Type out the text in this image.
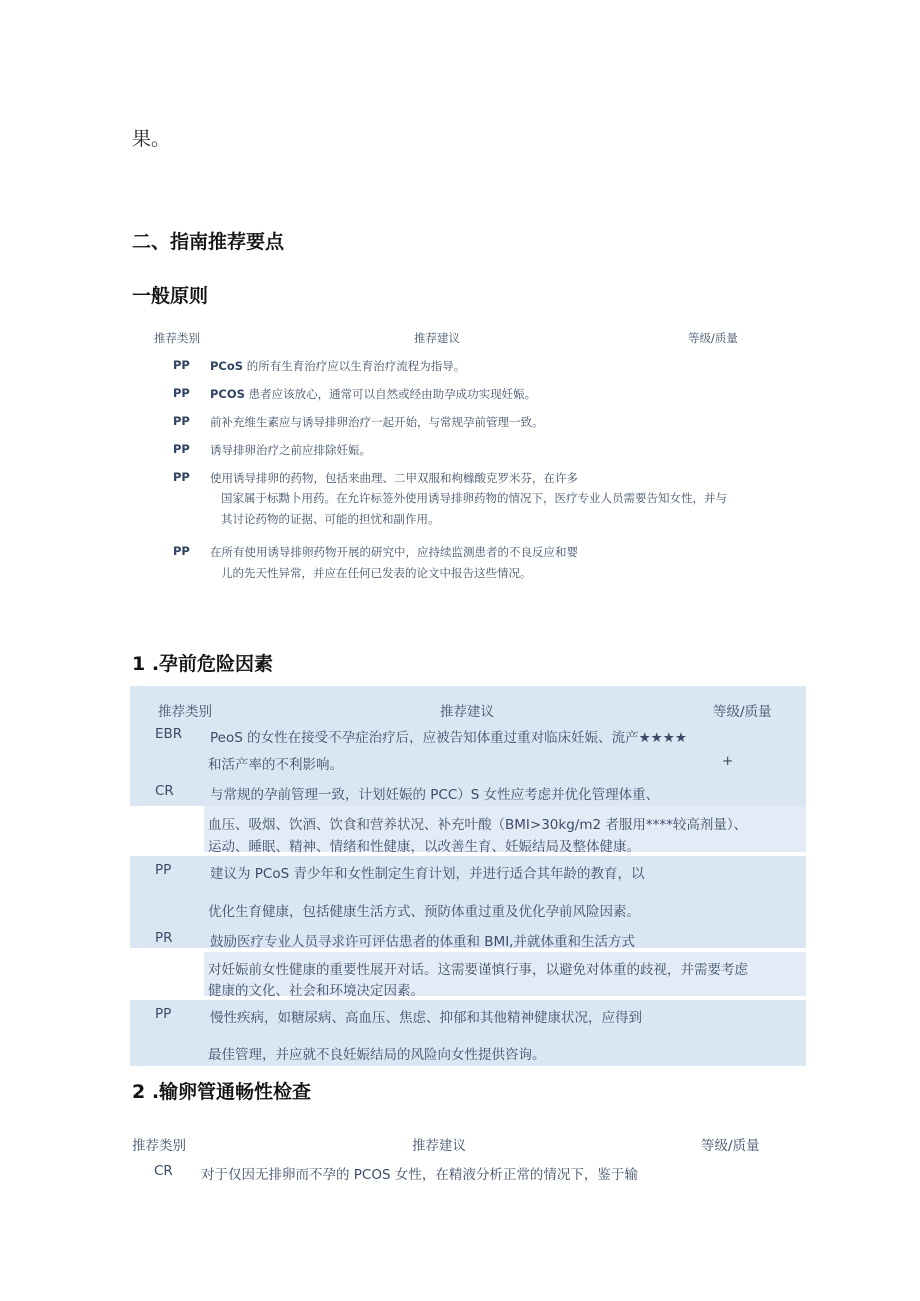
果。
二、指南推荐要点
一般原则
推荐类别	推荐建议	等级/质量
PP PCoS 的所有生育治疗应以生育治疗流程为指导。
PP PCOS 患者应该放心，通常可以自然或经由助孕成功实现妊娠。
PP 前补充维生素应与诱导排卵治疗一起开始，与常规孕前管理一致。
PP 诱导排卵治疗之前应排除妊娠。
PP 使用诱导排卵的药物，包括来曲理、二甲双服和枸橼酸克罗米芬，在许多
国家属于标黝卜用药。在允许标签外使用诱导排卵药物的情况下，医疗专业人员需要告知女性，并与
其讨论药物的证据、可能的担忧和副作用。
PP 在所有使用诱导排卵药物开展的研究中，应持续监测患者的不良反应和婴
儿的先天性异常，并应在任何已发表的论文中报告这些情况。
1 .孕前危险因素
推荐类别	推荐建议	等级/质量
EBR PeoS 的女性在接受不孕症治疗后，应被告知体重过重对临床妊娠、流产★★★★
和活产率的不利影响。	+
CR	与常规的孕前管理一致，计划妊娠的 PCC）S 女性应考虑并优化管理体重、
血压、吸烟、饮酒、饮食和营养状况、补充叶酸（BMI>30kg∕m2 者服用****较高剂量）、
运动、睡眠、精神、情绪和性健康，以改善生育、妊娠结局及整体健康。
PP	建议为 PCoS 青少年和女性制定生育计划，并进行适合其年龄的教育，以
优化生育健康，包括健康生活方式、预防体重过重及优化孕前风险因素。
PR	鼓励医疗专业人员寻求许可评估患者的体重和 BMI,并就体重和生活方式
对妊娠前女性健康的重要性展开对话。这需要谨慎行事，以避免对体重的歧视，并需要考虑
健康的文化、社会和环境决定因素。
PP	慢性疾病，如糖尿病、高血压、焦虑、抑郁和其他精神健康状况，应得到
最佳管理，并应就不良妊娠结局的风险向女性提供咨询。
2 .输卵管通畅性检查
推荐类别	推荐建议	等级/质量
CR 对于仅因无排卵而不孕的 PCOS 女性，在精液分析正常的情况下，鉴于输
